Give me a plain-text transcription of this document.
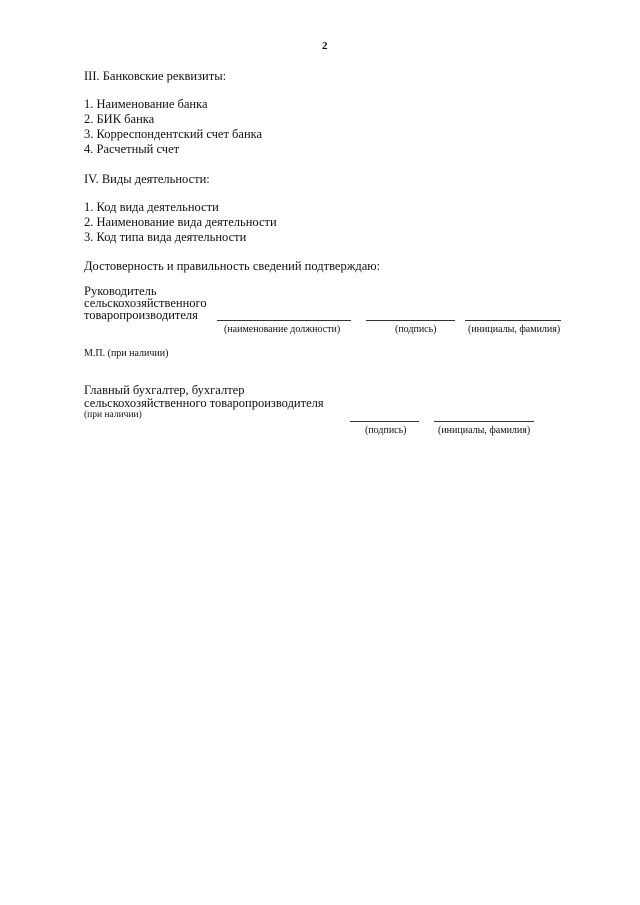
2
III. Банковские реквизиты:
1. Наименование банка
2. БИК банка
3. Корреспондентский счет банка
4. Расчетный счет
IV. Виды деятельности:
1. Код вида деятельности
2. Наименование вида деятельности
3. Код типа вида деятельности
Достоверность и правильность сведений подтверждаю:
Руководитель
сельскохозяйственного
товаропроизводителя
(наименование должности)	(подпись)	(инициалы, фамилия)
М.П. (при наличии)
Главный бухгалтер, бухгалтер
сельскохозяйственного товаропроизводителя
(при наличии)
(подпись)	(инициалы, фамилия)
